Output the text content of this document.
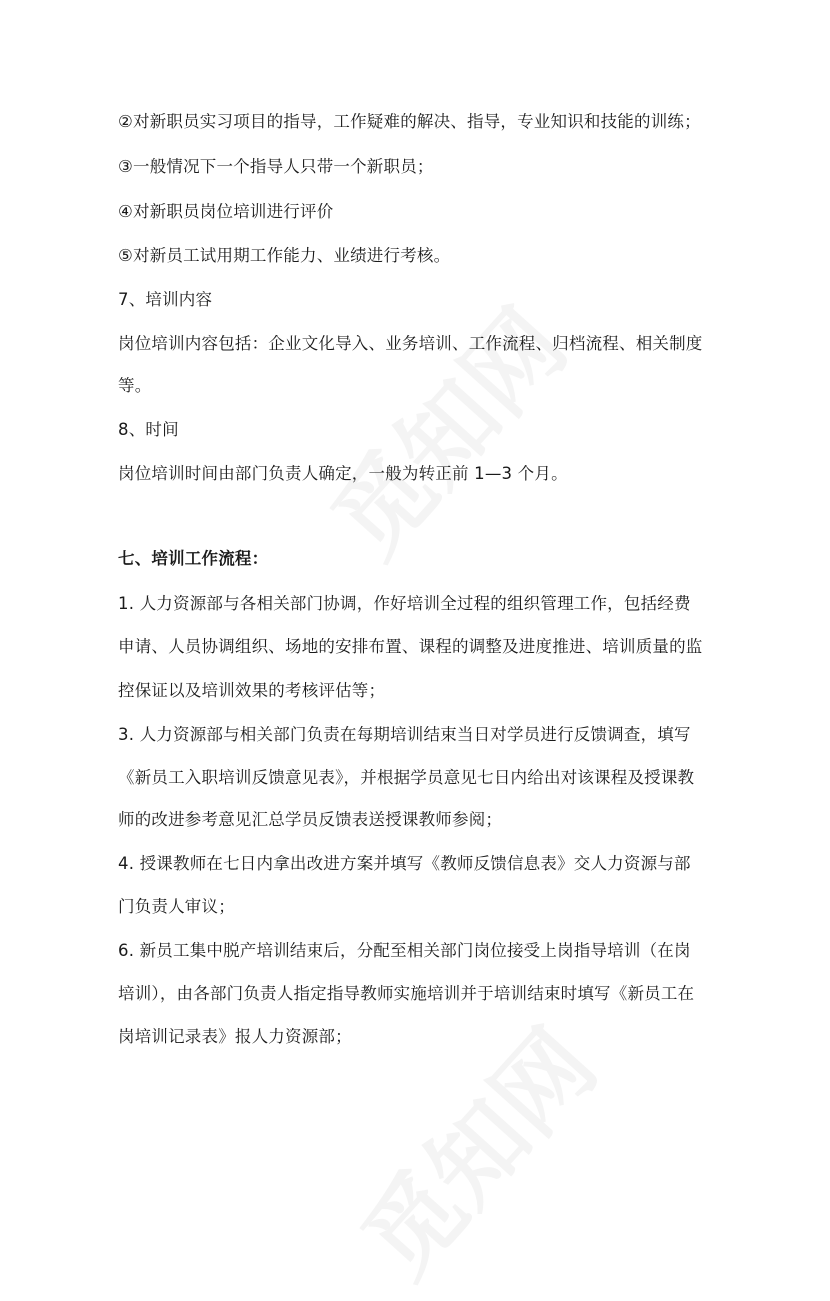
②对新职员实习项目的指导，工作疑难的解决、指导，专业知识和技能的训练；
③一般情况下一个指导人只带一个新职员；
④对新职员岗位培训进行评价
⑤对新员工试用期工作能力、业绩进行考核。
7、培训内容
岗位培训内容包括：企业文化导入、业务培训、工作流程、归档流程、相关制度
等。
8、时间
岗位培训时间由部门负责人确定，一般为转正前 1—3 个月。
七、培训工作流程：
1. 人力资源部与各相关部门协调，作好培训全过程的组织管理工作，包括经费
申请、人员协调组织、场地的安排布置、课程的调整及进度推进、培训质量的监
控保证以及培训效果的考核评估等；
3. 人力资源部与相关部门负责在每期培训结束当日对学员进行反馈调查，填写
《新员工入职培训反馈意见表》，并根据学员意见七日内给出对该课程及授课教
师的改进参考意见汇总学员反馈表送授课教师参阅；
4. 授课教师在七日内拿出改进方案并填写《教师反馈信息表》交人力资源与部
门负责人审议；
6. 新员工集中脱产培训结束后，分配至相关部门岗位接受上岗指导培训（在岗
培训），由各部门负责人指定指导教师实施培训并于培训结束时填写《新员工在
岗培训记录表》报人力资源部；
